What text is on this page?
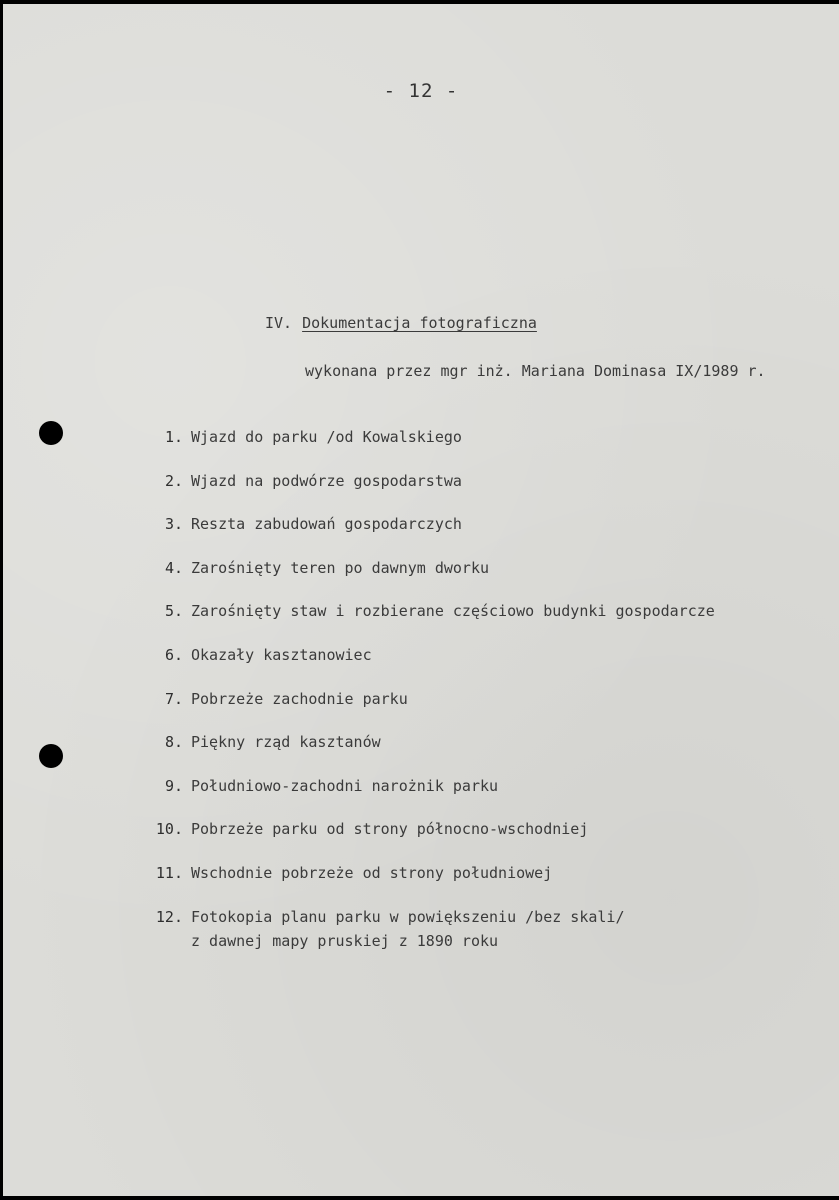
- 12 -
IV. Dokumentacja fotograficzna
wykonana przez mgr inż. Mariana Dominasa IX/1989 r.
1. Wjazd do parku /od Kowalskiego
2. Wjazd na podwórze gospodarstwa
3. Reszta zabudowań gospodarczych
4. Zarośnięty teren po dawnym dworku
5. Zarośnięty staw i rozbierane częściowo budynki gospodarcze
6. Okazały kasztanowiec
7. Pobrzeże zachodnie parku
8. Piękny rząd kasztanów
9. Południowo-zachodni narożnik parku
10. Pobrzeże parku od strony północno-wschodniej
11. Wschodnie pobrzeże od strony południowej
12. Fotokopia planu parku w powiększeniu /bez skali/
z dawnej mapy pruskiej z 1890 roku
